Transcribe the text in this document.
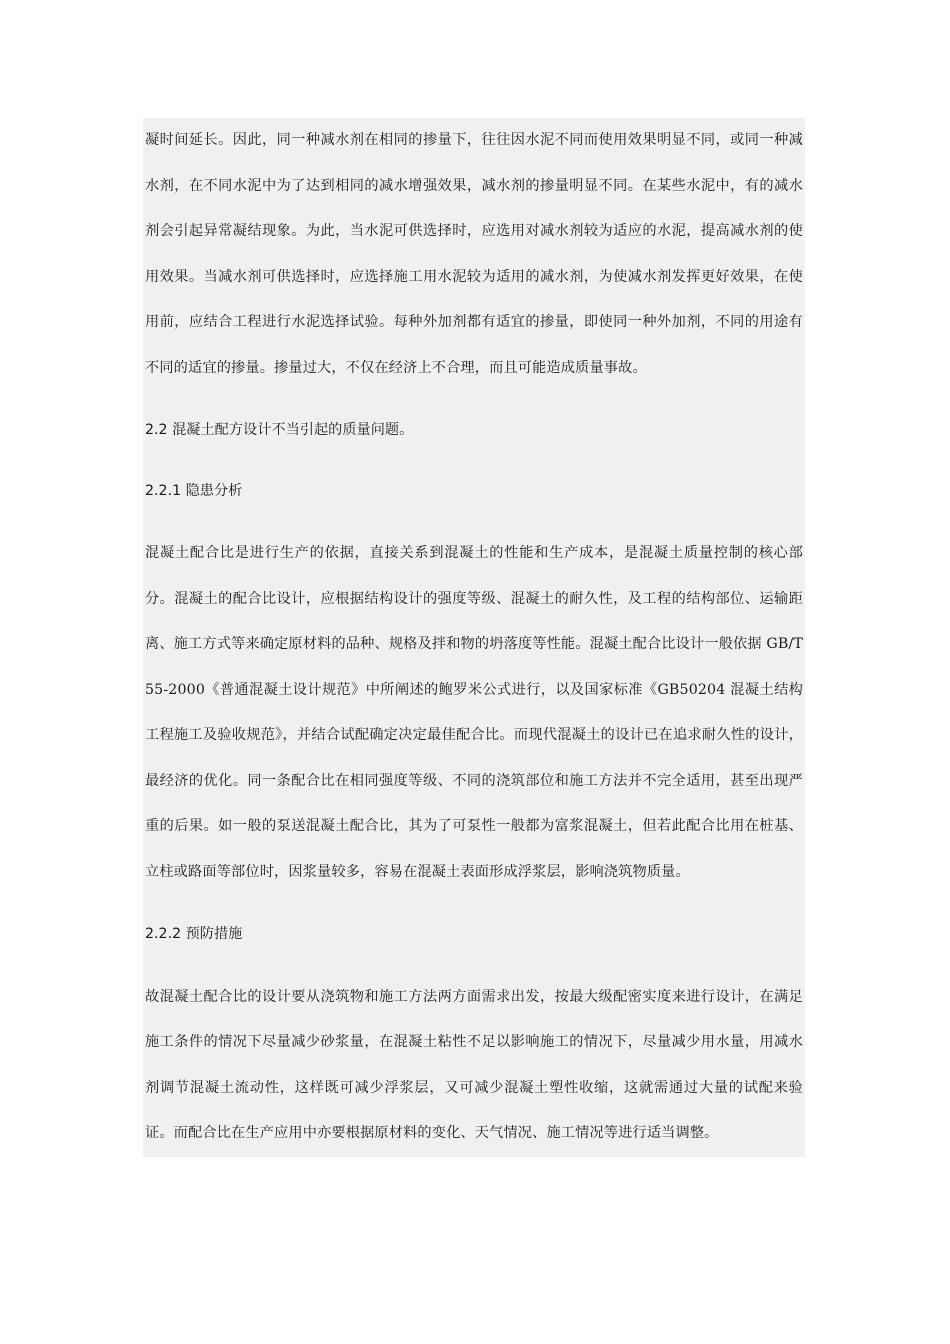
凝时间延长。因此，同一种减水剂在相同的掺量下，往往因水泥不同而使用效果明显不同，或同一种减水剂，在不同水泥中为了达到相同的减水增强效果，减水剂的掺量明显不同。在某些水泥中，有的减水剂会引起异常凝结现象。为此，当水泥可供选择时，应选用对减水剂较为适应的水泥，提高减水剂的使用效果。当减水剂可供选择时，应选择施工用水泥较为适用的减水剂，为使减水剂发挥更好效果，在使用前，应结合工程进行水泥选择试验。每种外加剂都有适宜的掺量，即使同一种外加剂，不同的用途有不同的适宜的掺量。掺量过大，不仅在经济上不合理，而且可能造成质量事故。

2.2 混凝土配方设计不当引起的质量问题。

2.2.1 隐患分析

混凝土配合比是进行生产的依据，直接关系到混凝土的性能和生产成本，是混凝土质量控制的核心部分。混凝土的配合比设计，应根据结构设计的强度等级、混凝土的耐久性，及工程的结构部位、运输距离、施工方式等来确定原材料的品种、规格及拌和物的坍落度等性能。混凝土配合比设计一般依据 GB/T55-2000《普通混凝土设计规范》中所阐述的鲍罗米公式进行，以及国家标准《GB50204 混凝土结构工程施工及验收规范》，并结合试配确定决定最佳配合比。而现代混凝土的设计已在追求耐久性的设计，最经济的优化。同一条配合比在相同强度等级、不同的浇筑部位和施工方法并不完全适用，甚至出现严重的后果。如一般的泵送混凝土配合比，其为了可泵性一般都为富浆混凝土，但若此配合比用在桩基、立柱或路面等部位时，因浆量较多，容易在混凝土表面形成浮浆层，影响浇筑物质量。

2.2.2 预防措施

故混凝土配合比的设计要从浇筑物和施工方法两方面需求出发，按最大级配密实度来进行设计，在满足施工条件的情况下尽量减少砂浆量，在混凝土粘性不足以影响施工的情况下，尽量减少用水量，用减水剂调节混凝土流动性，这样既可减少浮浆层，又可减少混凝土塑性收缩，这就需通过大量的试配来验证。而配合比在生产应用中亦要根据原材料的变化、天气情况、施工情况等进行适当调整。
